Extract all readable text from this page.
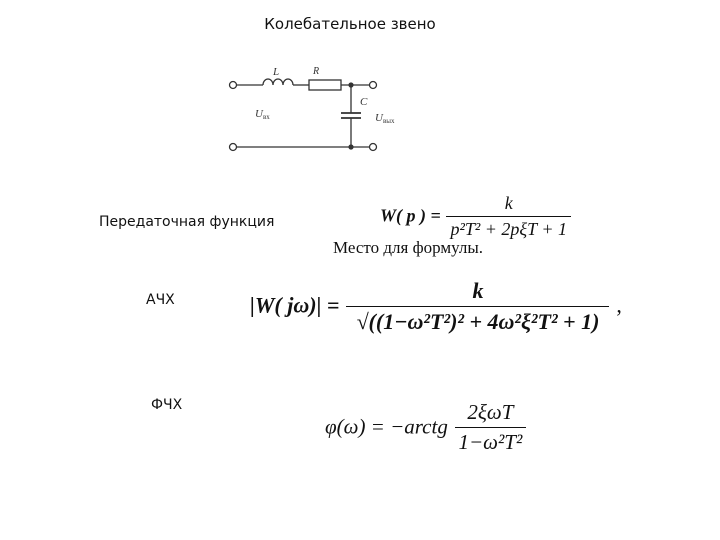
Колебательное звено
L	R
C
Uвх	Uвых
Передаточная функция
АЧХ
ФЧХ
W( p ) = $\frac{k}{\text{p²T² + 2pξT + 1}}$
Место для формулы.
|W( $j\omega)| = \frac{k}{\text{√((1−ω²T²)² + 4ω²ξ²T² + 1)}}$ ,
φ(ω) = −arctg $\frac{\text{2ξωT}}{\text{1−ω²T²}}$
